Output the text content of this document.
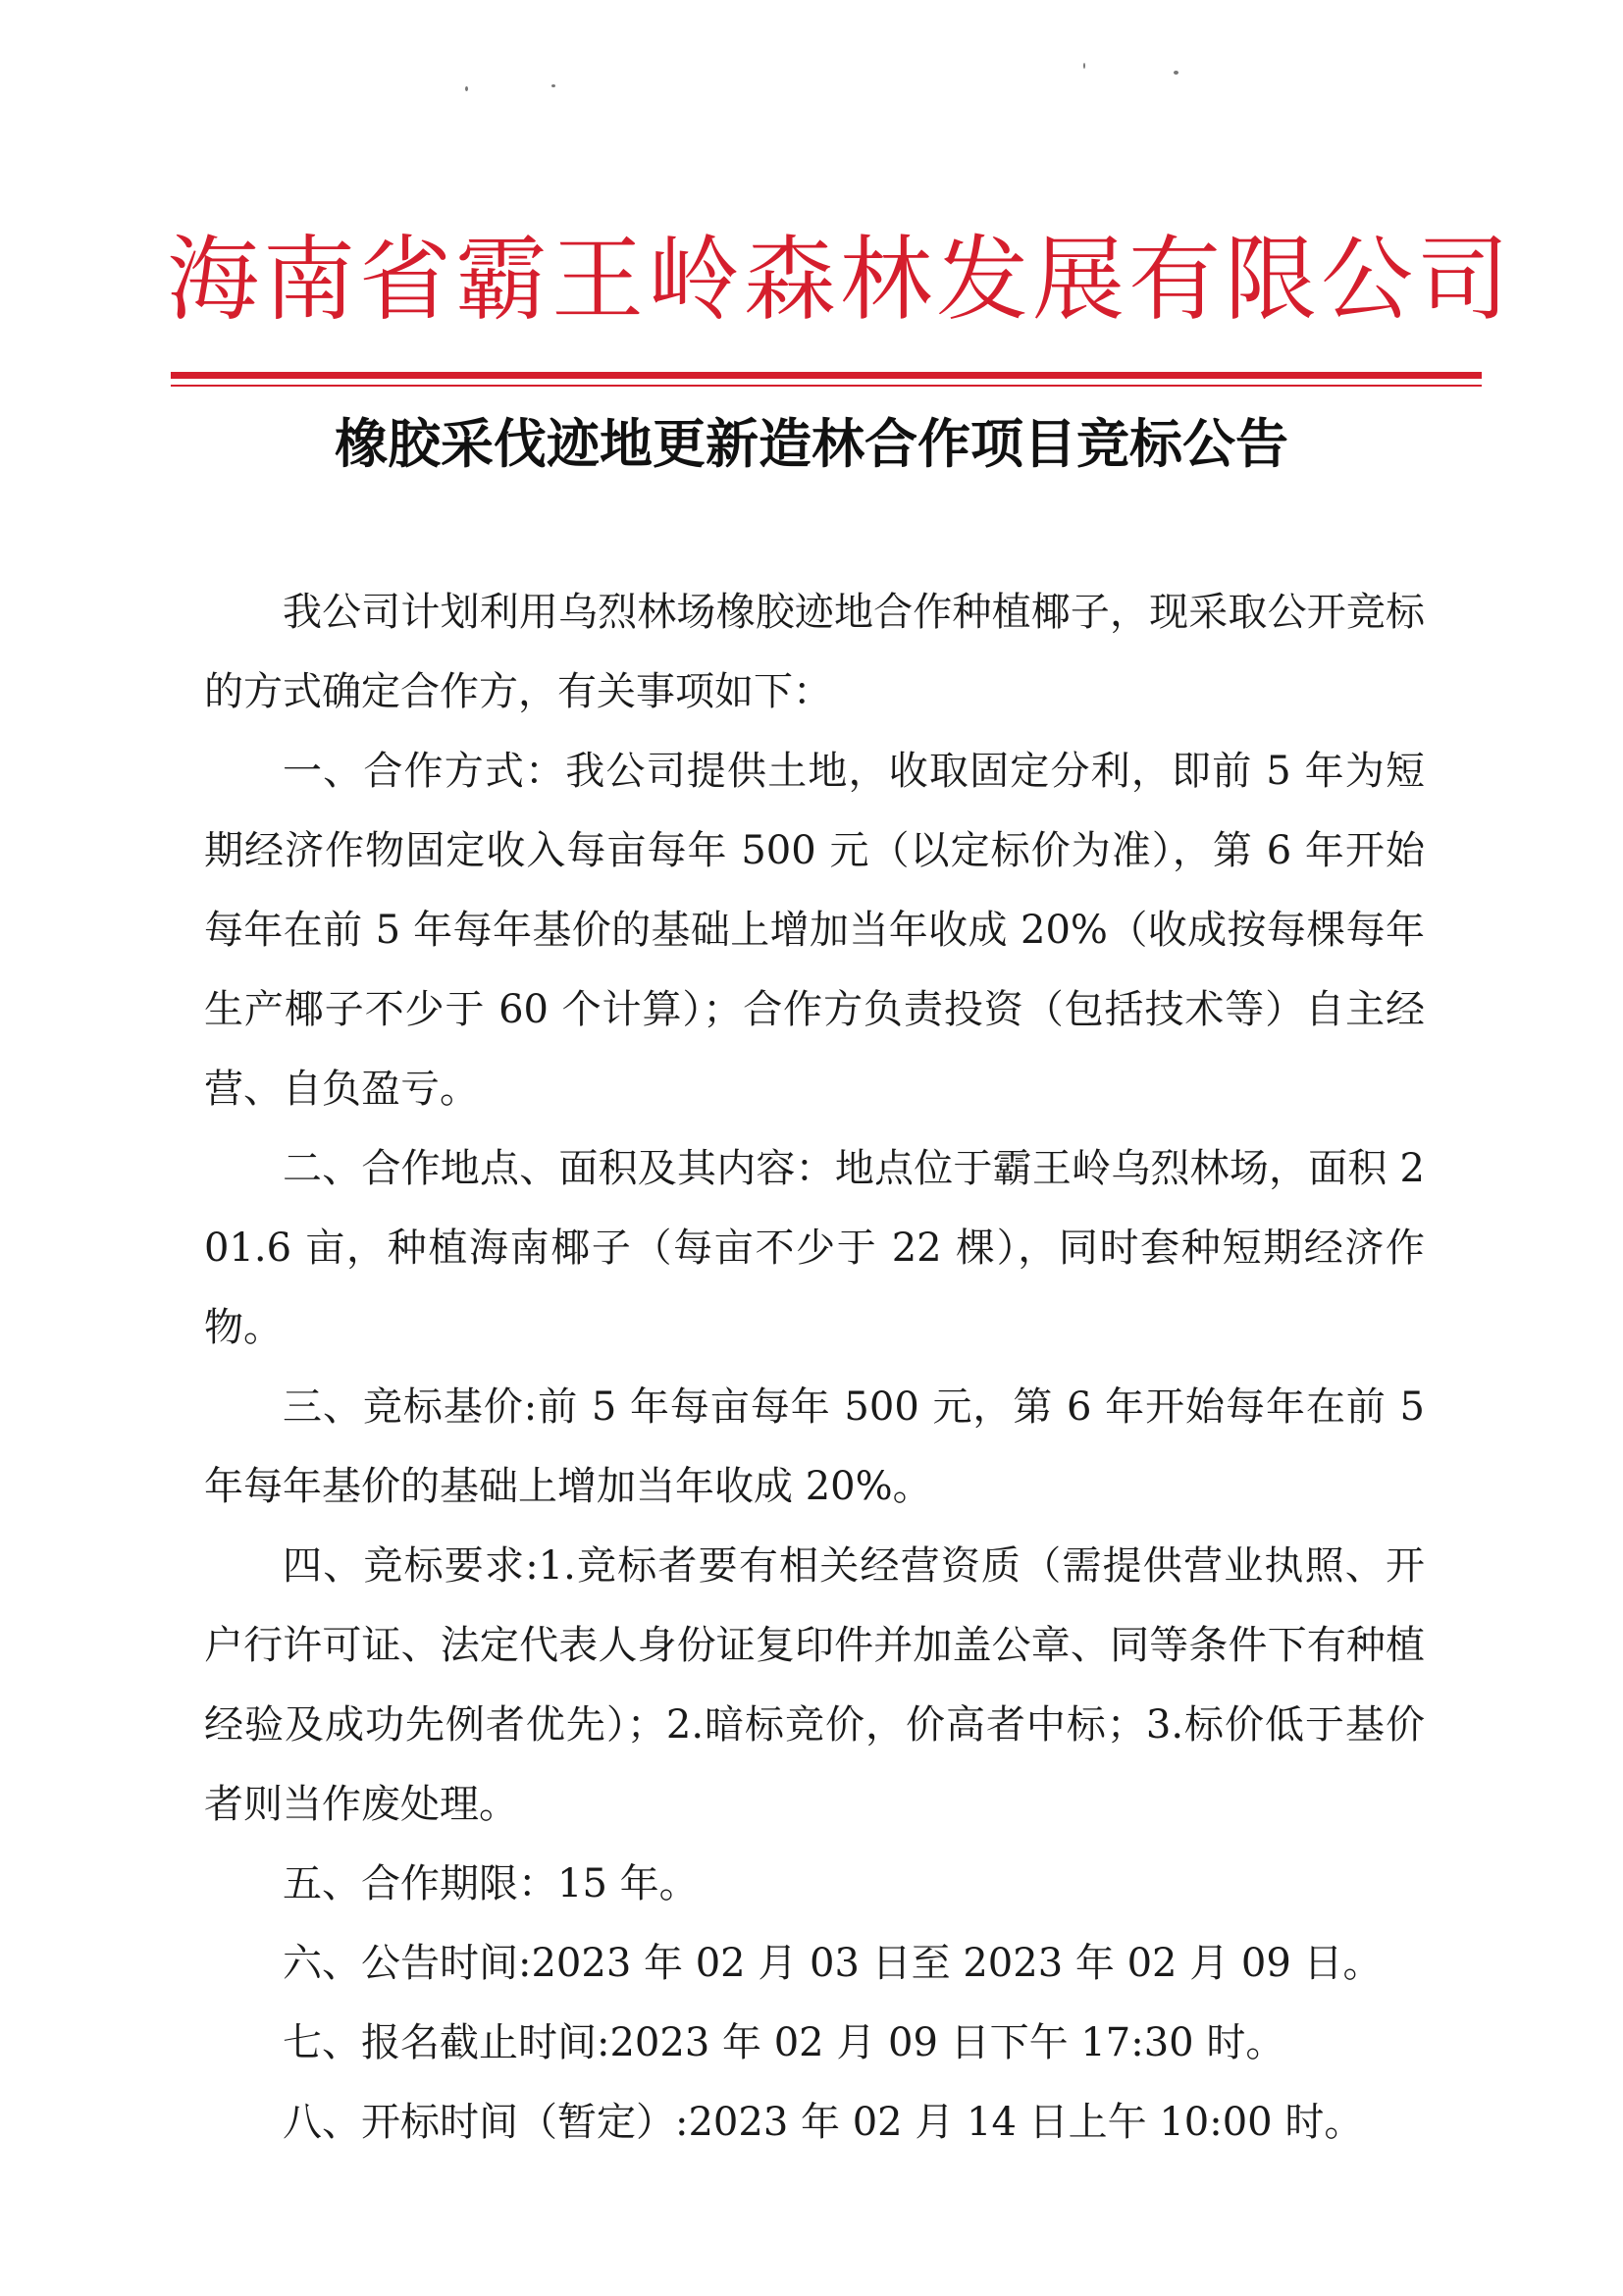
海南省霸王岭森林发展有限公司
橡胶采伐迹地更新造林合作项目竞标公告

我公司计划利用乌烈林场橡胶迹地合作种植椰子，现采取公开竞标的方式确定合作方，有关事项如下：

一、合作方式：我公司提供土地，收取固定分利，即前 5 年为短期经济作物固定收入每亩每年 500 元（以定标价为准），第 6 年开始每年在前 5 年每年基价的基础上增加当年收成 20%（收成按每棵每年生产椰子不少于 60 个计算）；合作方负责投资（包括技术等）自主经营、自负盈亏。

二、合作地点、面积及其内容：地点位于霸王岭乌烈林场，面积 201.6 亩，种植海南椰子（每亩不少于 22 棵），同时套种短期经济作物。

三、竞标基价:前 5 年每亩每年 500 元，第 6 年开始每年在前 5 年每年基价的基础上增加当年收成 20%。

四、竞标要求:1.竞标者要有相关经营资质（需提供营业执照、开户行许可证、法定代表人身份证复印件并加盖公章、同等条件下有种植经验及成功先例者优先）；2.暗标竞价，价高者中标；3.标价低于基价者则当作废处理。

五、合作期限：15 年。

六、公告时间:2023 年 02 月 03 日至 2023 年 02 月 09 日。

七、报名截止时间:2023 年 02 月 09 日下午 17:30 时。

八、开标时间（暂定）:2023 年 02 月 14 日上午 10:00 时。
